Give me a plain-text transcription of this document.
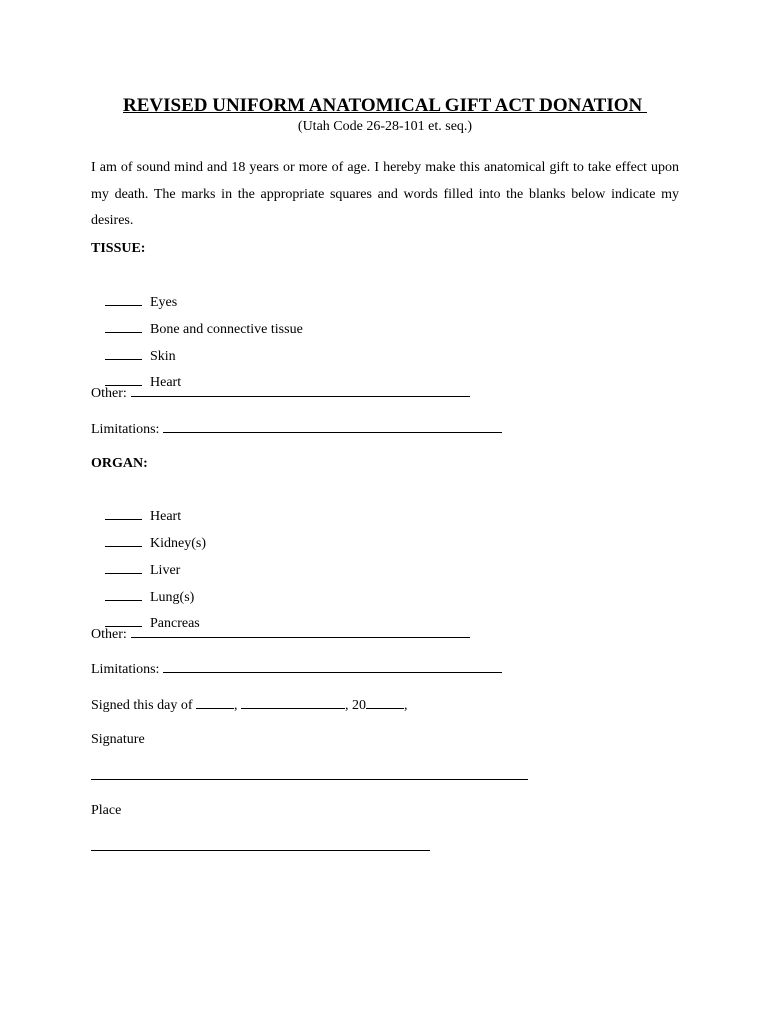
REVISED UNIFORM ANATOMICAL GIFT ACT DONATION
(Utah Code 26-28-101 et. seq.)
I am of sound mind and 18 years or more of age. I hereby make this anatomical gift to take effect upon my death. The marks in the appropriate squares and words filled into the blanks below indicate my desires.
TISSUE:

Eyes

Bone and connective tissue

Skin

Heart

Other:
Limitations:
ORGAN:

Heart

Kidney(s)

Liver

Lung(s)

Pancreas

Other:
Limitations:
Signed this day of	,	, 20	,
Signature
Place
